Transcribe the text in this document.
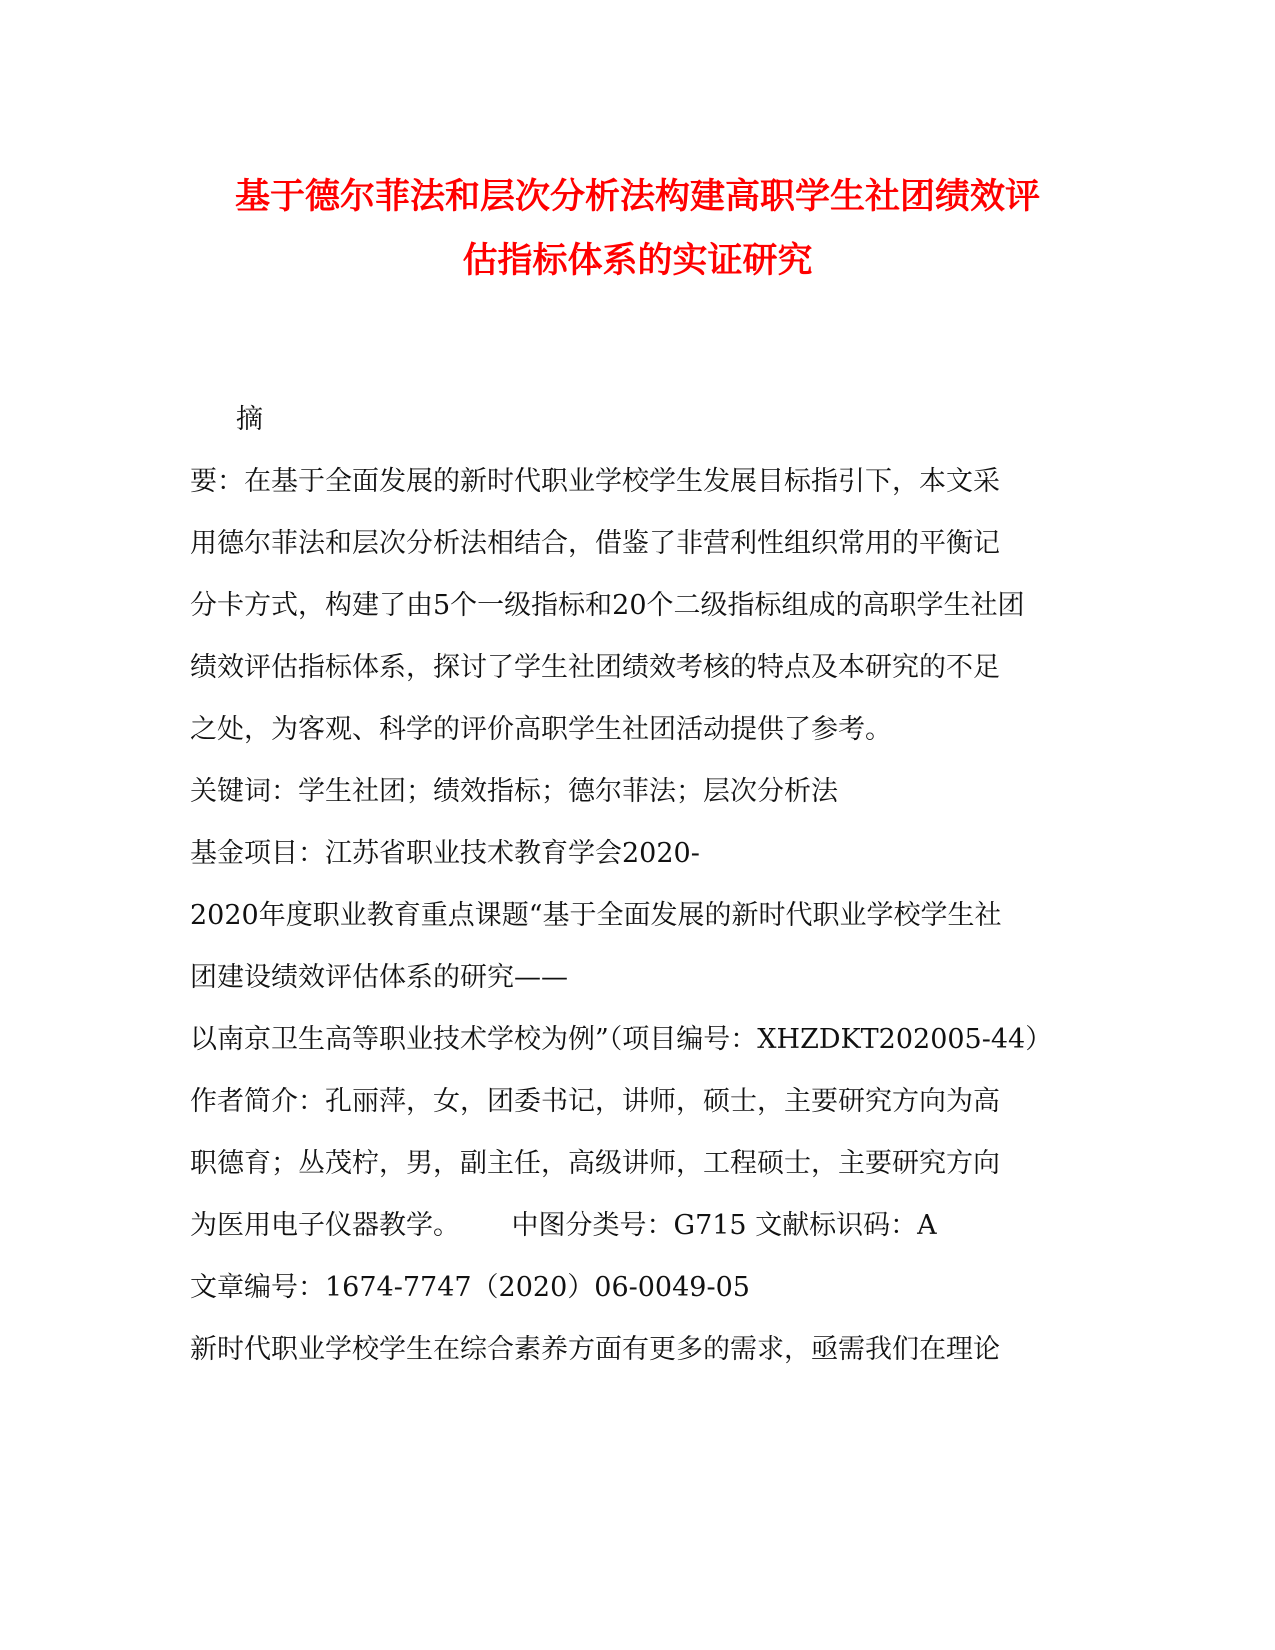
基于德尔菲法和层次分析法构建高职学生社团绩效评
估指标体系的实证研究
摘
要：在基于全面发展的新时代职业学校学生发展目标指引下，本文采
用德尔菲法和层次分析法相结合，借鉴了非营利性组织常用的平衡记
分卡方式，构建了由5个一级指标和20个二级指标组成的高职学生社团
绩效评估指标体系，探讨了学生社团绩效考核的特点及本研究的不足
之处，为客观、科学的评价高职学生社团活动提供了参考。
关键词：学生社团；绩效指标；德尔菲法；层次分析法
基金项目：江苏省职业技术教育学会2020-
2020年度职业教育重点课题“基于全面发展的新时代职业学校学生社
团建设绩效评估体系的研究——
以南京卫生高等职业技术学校为例”（项目编号：XHZDKT202005-44）
作者简介：孔丽萍，女，团委书记，讲师，硕士，主要研究方向为高
职德育；丛茂柠，男，副主任，高级讲师，工程硕士，主要研究方向
为医用电子仪器教学。      中图分类号：G715 文献标识码：A
文章编号：1674-7747（2020）06-0049-05
新时代职业学校学生在综合素养方面有更多的需求，亟需我们在理论
